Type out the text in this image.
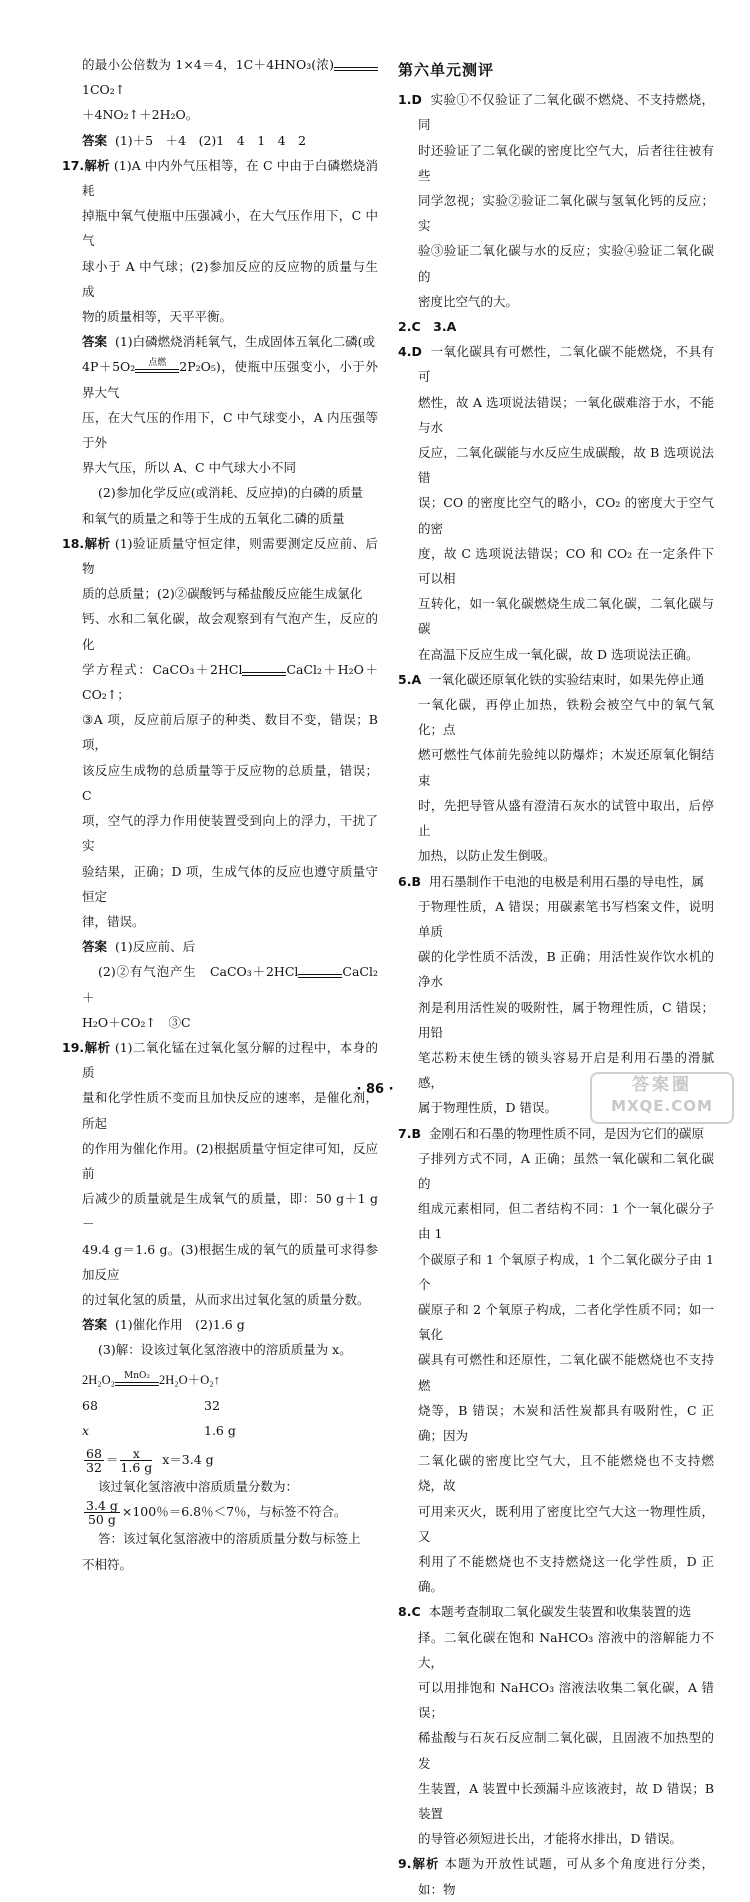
的最小公倍数为 1×4＝4，1C＋4HNO₃(浓)
1CO₂↑

＋4NO₂↑＋2H₂O。

答案 (1)＋5　＋4　(2)1　4　1　4　2

17.解析 (1)A 中内外气压相等，在 C 中由于白磷燃烧消耗

掉瓶中氧气使瓶中压强减小，在大气压作用下，C 中气

球小于 A 中气球；(2)参加反应的反应物的质量与生成

物的质量相等，天平平衡。

答案 (1)白磷燃烧消耗氧气，生成固体五氧化二磷(或

4P＋5O₂ 点燃 2P₂O₅)，使瓶中压强变小，小于外界大气

压，在大气压的作用下，C 中气球变小，A 内压强等于外

界大气压，所以 A、C 中气球大小不同

(2)参加化学反应(或消耗、反应掉)的白磷的质量

和氧气的质量之和等于生成的五氧化二磷的质量

18.解析 (1)验证质量守恒定律，则需要测定反应前、后物

质的总质量；(2)②碳酸钙与稀盐酸反应能生成氯化

钙、水和二氧化碳，故会观察到有气泡产生，反应的化

学方程式：CaCO₃＋2HCl	CaCl₂＋H₂O＋CO₂↑；

③A 项，反应前后原子的种类、数目不变，错误；B 项，

该反应生成物的总质量等于反应物的总质量，错误；C

项，空气的浮力作用使装置受到向上的浮力，干扰了实

验结果，正确；D 项，生成气体的反应也遵守质量守恒定

律，错误。

答案 (1)反应前、后

(2)②有气泡产生　CaCO₃＋2HCl	CaCl₂＋

H₂O＋CO₂↑　③C

19.解析 (1)二氧化锰在过氧化氢分解的过程中，本身的质

量和化学性质不变而且加快反应的速率，是催化剂，所起

的作用为催化作用。(2)根据质量守恒定律可知，反应前

后减少的质量就是生成氧气的质量，即：50 g＋1 g－

49.4 g＝1.6 g。(3)根据生成的氧气的质量可求得参加反应

的过氧化氢的质量，从而求出过氧化氢的质量分数。

答案 (1)催化作用　(2)1.6 g

(3)解：设该过氧化氢溶液中的溶质质量为 x。

2H₂O₂ MnO₂ 2H₂O＋O₂↑

68	32

x	1.6 g

$\frac{68}{32} = \frac{x}{1.6 g} x=3.4$ g

该过氧化氢溶液中溶质质量分数为：

$\frac{3.4 g}{50 g} \times 100$％＝6.8％＜7％，与标签不符合。

答：该过氧化氢溶液中的溶质质量分数与标签上

不相符。

第六单元测评

1.D 实验①不仅验证了二氧化碳不燃烧、不支持燃烧，同

时还验证了二氧化碳的密度比空气大，后者往往被有些

同学忽视；实验②验证二氧化碳与氢氧化钙的反应；实

验③验证二氧化碳与水的反应；实验④验证二氧化碳的

密度比空气的大。

2.C　3.A

4.D 一氧化碳具有可燃性，二氧化碳不能燃烧，不具有可

燃性，故 A 选项说法错误；一氧化碳难溶于水，不能与水

反应，二氧化碳能与水反应生成碳酸，故 B 选项说法错

误；CO 的密度比空气的略小，CO₂ 的密度大于空气的密

度，故 C 选项说法错误；CO 和 CO₂ 在一定条件下可以相

互转化，如一氧化碳燃烧生成二氧化碳，二氧化碳与碳

在高温下反应生成一氧化碳，故 D 选项说法正确。

5.A 一氧化碳还原氧化铁的实验结束时，如果先停止通

一氧化碳，再停止加热，铁粉会被空气中的氧气氧化；点

燃可燃性气体前先验纯以防爆炸；木炭还原氧化铜结束

时，先把导管从盛有澄清石灰水的试管中取出，后停止

加热，以防止发生倒吸。

6.B 用石墨制作干电池的电极是利用石墨的导电性，属

于物理性质，A 错误；用碳素笔书写档案文件，说明单质

碳的化学性质不活泼，B 正确；用活性炭作饮水机的净水

剂是利用活性炭的吸附性，属于物理性质，C 错误；用铅

笔芯粉末使生锈的锁头容易开启是利用石墨的滑腻感，

属于物理性质，D 错误。

7.B 金刚石和石墨的物理性质不同，是因为它们的碳原

子排列方式不同，A 正确；虽然一氧化碳和二氧化碳的

组成元素相同，但二者结构不同：1 个一氧化碳分子由 1

个碳原子和 1 个氧原子构成，1 个二氧化碳分子由 1 个

碳原子和 2 个氧原子构成，二者化学性质不同；如一氧化

碳具有可燃性和还原性，二氧化碳不能燃烧也不支持燃

烧等，B 错误；木炭和活性炭都具有吸附性，C 正确；因为

二氧化碳的密度比空气大，且不能燃烧也不支持燃烧，故

可用来灭火，既利用了密度比空气大这一物理性质，又

利用了不能燃烧也不支持燃烧这一化学性质，D 正确。

8.C 本题考查制取二氧化碳发生装置和收集装置的选

择。二氧化碳在饱和 NaHCO₃ 溶液中的溶解能力不大，

可以用排饱和 NaHCO₃ 溶液法收集二氧化碳，A 错误；

稀盐酸与石灰石反应制二氧化碳，且固液不加热型的发

生装置，A 装置中长颈漏斗应该液封，故 D 错误；B 装置

的导管必须短进长出，才能将水排出，D 错误。

9.解析 本题为开放性试题，可从多个角度进行分类，如：物

· 86 ·	答案圈
MXQE.COM
